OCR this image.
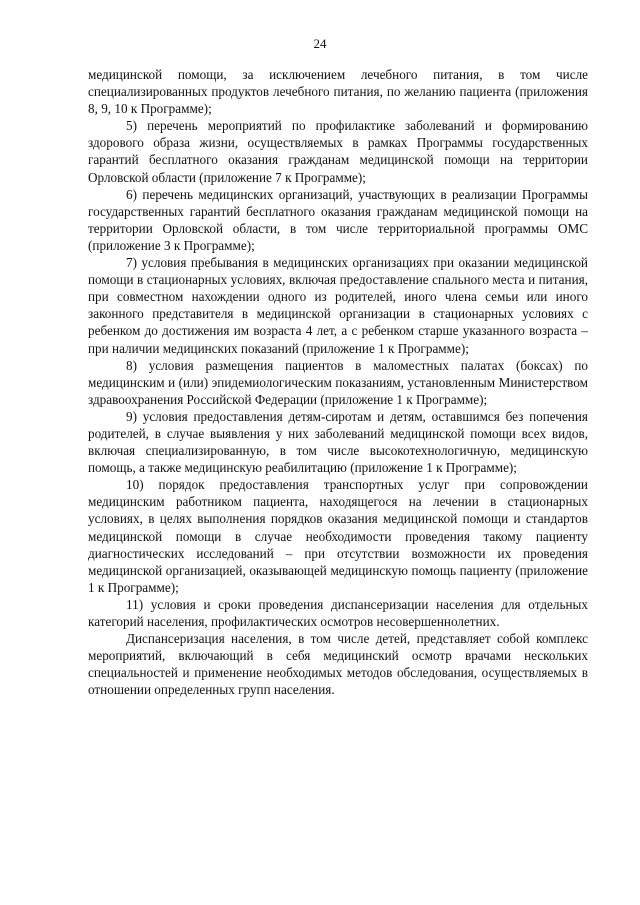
24

медицинской помощи, за исключением лечебного питания, в том числе специализированных продуктов лечебного питания, по желанию пациента (приложения 8, 9, 10 к Программе);

5) перечень мероприятий по профилактике заболеваний и формированию здорового образа жизни, осуществляемых в рамках Программы государственных гарантий бесплатного оказания гражданам медицинской помощи на территории Орловской области (приложение 7 к Программе);

6) перечень медицинских организаций, участвующих в реализации Программы государственных гарантий бесплатного оказания гражданам медицинской помощи на территории Орловской области, в том числе территориальной программы ОМС (приложение 3 к Программе);

7) условия пребывания в медицинских организациях при оказании медицинской помощи в стационарных условиях, включая предоставление спального места и питания, при совместном нахождении одного из родителей, иного члена семьи или иного законного представителя в медицинской организации в стационарных условиях с ребенком до достижения им возраста 4 лет, а с ребенком старше указанного возраста – при наличии медицинских показаний (приложение 1 к Программе);

8) условия размещения пациентов в маломестных палатах (боксах) по медицинским и (или) эпидемиологическим показаниям, установленным Министерством здравоохранения Российской Федерации (приложение 1 к Программе);

9) условия предоставления детям-сиротам и детям, оставшимся без попечения родителей, в случае выявления у них заболеваний медицинской помощи всех видов, включая специализированную, в том числе высокотехнологичную, медицинскую помощь, а также медицинскую реабилитацию (приложение 1 к Программе);

10) порядок предоставления транспортных услуг при сопровождении медицинским работником пациента, находящегося на лечении в стационарных условиях, в целях выполнения порядков оказания медицинской помощи и стандартов медицинской помощи в случае необходимости проведения такому пациенту диагностических исследований – при отсутствии возможности их проведения медицинской организацией, оказывающей медицинскую помощь пациенту (приложение 1 к Программе);

11) условия и сроки проведения диспансеризации населения для отдельных категорий населения, профилактических осмотров несовершеннолетних.

Диспансеризация населения, в том числе детей, представляет собой комплекс мероприятий, включающий в себя медицинский осмотр врачами нескольких специальностей и применение необходимых методов обследования, осуществляемых в отношении определенных групп населения.
